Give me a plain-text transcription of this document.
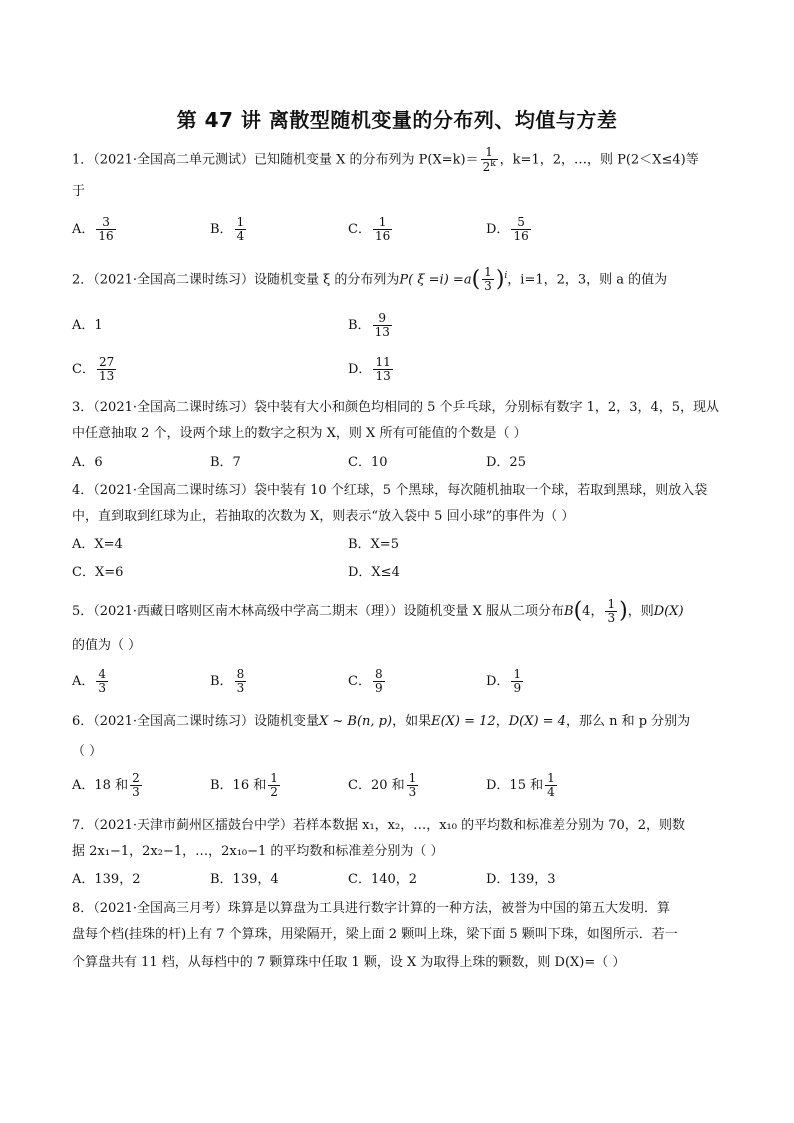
第 47 讲 离散型随机变量的分布列、均值与方差
1．（2021·全国高二单元测试）已知随机变量 X 的分布列为 $P(X=k)= \frac{1}{2^k}$ ，k=1，2，…，则 P(2＜X≤4)等
于
A． $\frac{3}{16}$	B． $\frac{1}{4}$	C． $\frac{1}{16}$	D． $\frac{5}{16}$
2．（2021·全国高二课时练习）设随机变量 ξ 的分布列为P( $\xi =i) =a( \frac{1}{3} )^i$，i=1，2，3，则 a 的值为
A．1	B． $\frac{9}{13}$
C． $\frac{27}{13}$	D． $\frac{11}{13}$
3．（2021·全国高二课时练习）袋中装有大小和颜色均相同的 5 个乒乓球，分别标有数字 1，2，3，4，5，现从
中任意抽取 2 个，设两个球上的数字之积为 X，则 X 所有可能值的个数是（ ）
A．6	B．7	C．10	D．25
4．（2021·全国高二课时练习）袋中装有 10 个红球，5 个黑球，每次随机抽取一个球，若取到黑球，则放入袋
中，直到取到红球为止，若抽取的次数为 X，则表示“放入袋中 5 回小球”的事件为（ ）
A．X=4	B．X=5
C．X=6	D．X≤4
5．（2021·西藏日喀则区南木林高级中学高二期末（理））设随机变量 X 服从二项分布B(4， $\frac{1}{3}$ )，则D(X)
的值为（ ）
A． $\frac{4}{3}$	B． $\frac{8}{3}$	C． $\frac{8}{9}$	D． $\frac{1}{9}$
6．（2021·全国高二课时练习）设随机变量X ~ B(n, p)，如果E(X) = 12，D(X) = 4，那么 n 和 p 分别为
（ ）
A．18 和 $\frac{2}{3}$	B．16 和 $\frac{1}{2}$	C．20 和 $\frac{1}{3}$	D．15 和 $\frac{1}{4}$
7．（2021·天津市蓟州区擂鼓台中学）若样本数据 x₁，x₂，…，x₁₀ 的平均数和标准差分别为 70，2，则数
据 2x₁−1，2x₂−1，…，2x₁₀−1 的平均数和标准差分别为（ ）
A．139，2	B．139，4	C．140，2	D．139，3
8．（2021·全国高三月考）珠算是以算盘为工具进行数字计算的一种方法，被誉为中国的第五大发明．算
盘每个档(挂珠的杆)上有 7 个算珠，用梁隔开，梁上面 2 颗叫上珠，梁下面 5 颗叫下珠，如图所示．若一
个算盘共有 11 档，从每档中的 7 颗算珠中任取 1 颗，设 X 为取得上珠的颗数，则 D(X)=（ ）
